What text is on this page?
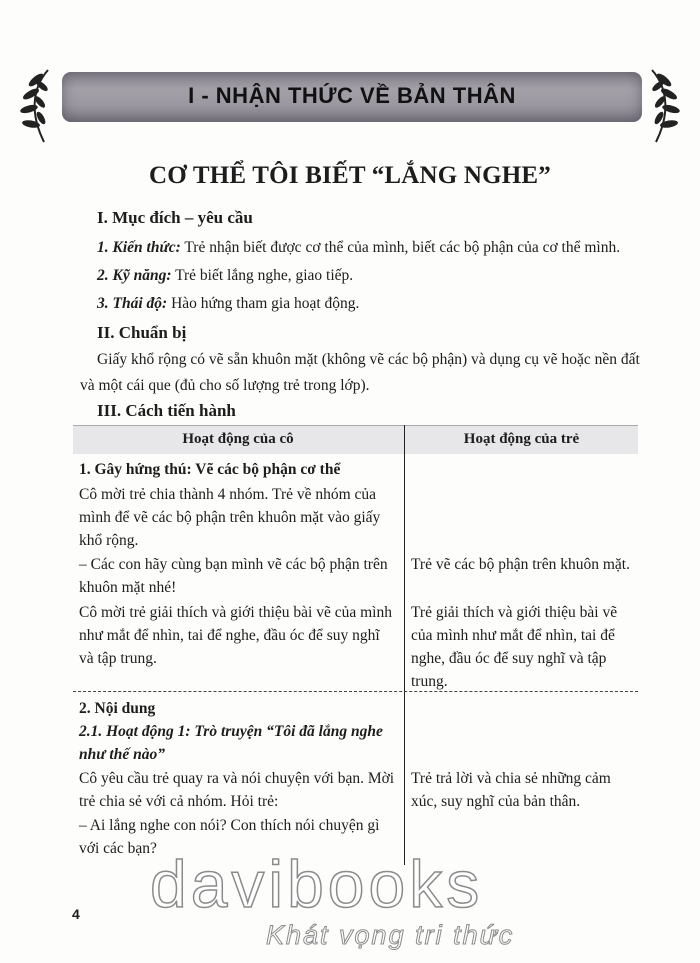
I - NHẬN THỨC VỀ BẢN THÂN
CƠ THỂ TÔI BIẾT “LẮNG NGHE”
I. Mục đích – yêu cầu
1. Kiến thức: Trẻ nhận biết được cơ thể của mình, biết các bộ phận của cơ thể mình.
2. Kỹ năng: Trẻ biết lắng nghe, giao tiếp.
3. Thái độ: Hào hứng tham gia hoạt động.
II. Chuẩn bị
Giấy khổ rộng có vẽ sẵn khuôn mặt (không vẽ các bộ phận) và dụng cụ vẽ hoặc nền đất và một cái que (đủ cho số lượng trẻ trong lớp).
III. Cách tiến hành
Hoạt động của cô	Hoạt động của trẻ
1. Gây hứng thú: Vẽ các bộ phận cơ thể
Cô mời trẻ chia thành 4 nhóm. Trẻ về nhóm của mình để vẽ các bộ phận trên khuôn mặt vào giấy khổ rộng.
– Các con hãy cùng bạn mình vẽ các bộ phận trên khuôn mặt nhé!
Cô mời trẻ giải thích và giới thiệu bài vẽ của mình như mắt để nhìn, tai để nghe, đầu óc để suy nghĩ và tập trung.
Trẻ vẽ các bộ phận trên khuôn mặt.
Trẻ giải thích và giới thiệu bài vẽ của mình như mắt để nhìn, tai để nghe, đầu óc để suy nghĩ và tập trung.
2. Nội dung
2.1. Hoạt động 1: Trò truyện “Tôi đã lắng nghe như thế nào”
Cô yêu cầu trẻ quay ra và nói chuyện với bạn. Mời trẻ chia sẻ với cả nhóm. Hỏi trẻ:
– Ai lắng nghe con nói? Con thích nói chuyện gì với các bạn?
Trẻ trả lời và chia sẻ những cảm xúc, suy nghĩ của bản thân.
davibooks
Khát vọng tri thức
4
